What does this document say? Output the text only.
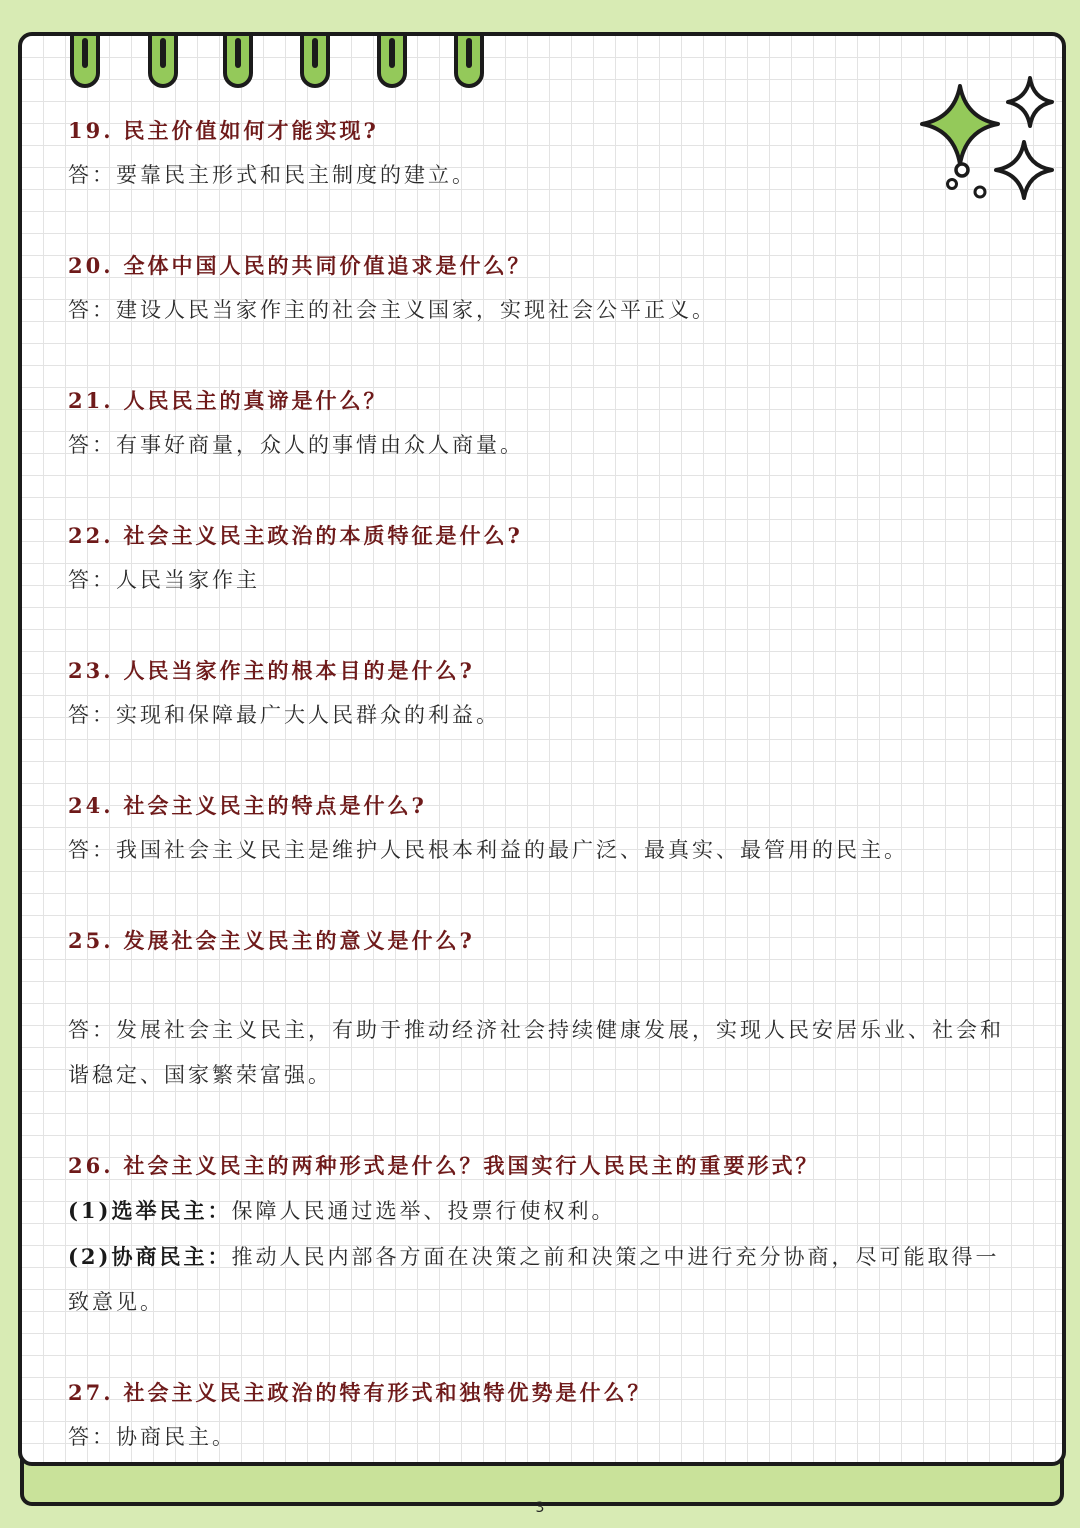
3
19. 民主价值如何才能实现?
答：要靠民主形式和民主制度的建立。
20. 全体中国人民的共同价值追求是什么？
答：建设人民当家作主的社会主义国家，实现社会公平正义。
21. 人民民主的真谛是什么？
答：有事好商量，众人的事情由众人商量。
22. 社会主义民主政治的本质特征是什么?
答：人民当家作主
23. 人民当家作主的根本目的是什么?
答：实现和保障最广大人民群众的利益。
24. 社会主义民主的特点是什么?
答：我国社会主义民主是维护人民根本利益的最广泛、最真实、最管用的民主。
25. 发展社会主义民主的意义是什么?
答：发展社会主义民主，有助于推动经济社会持续健康发展，实现人民安居乐业、社会和
谐稳定、国家繁荣富强。
26. 社会主义民主的两种形式是什么？我国实行人民民主的重要形式？
(1)选举民主：保障人民通过选举、投票行使权利。
(2)协商民主：推动人民内部各方面在决策之前和决策之中进行充分协商，尽可能取得一
致意见。
27. 社会主义民主政治的特有形式和独特优势是什么？
答：协商民主。
